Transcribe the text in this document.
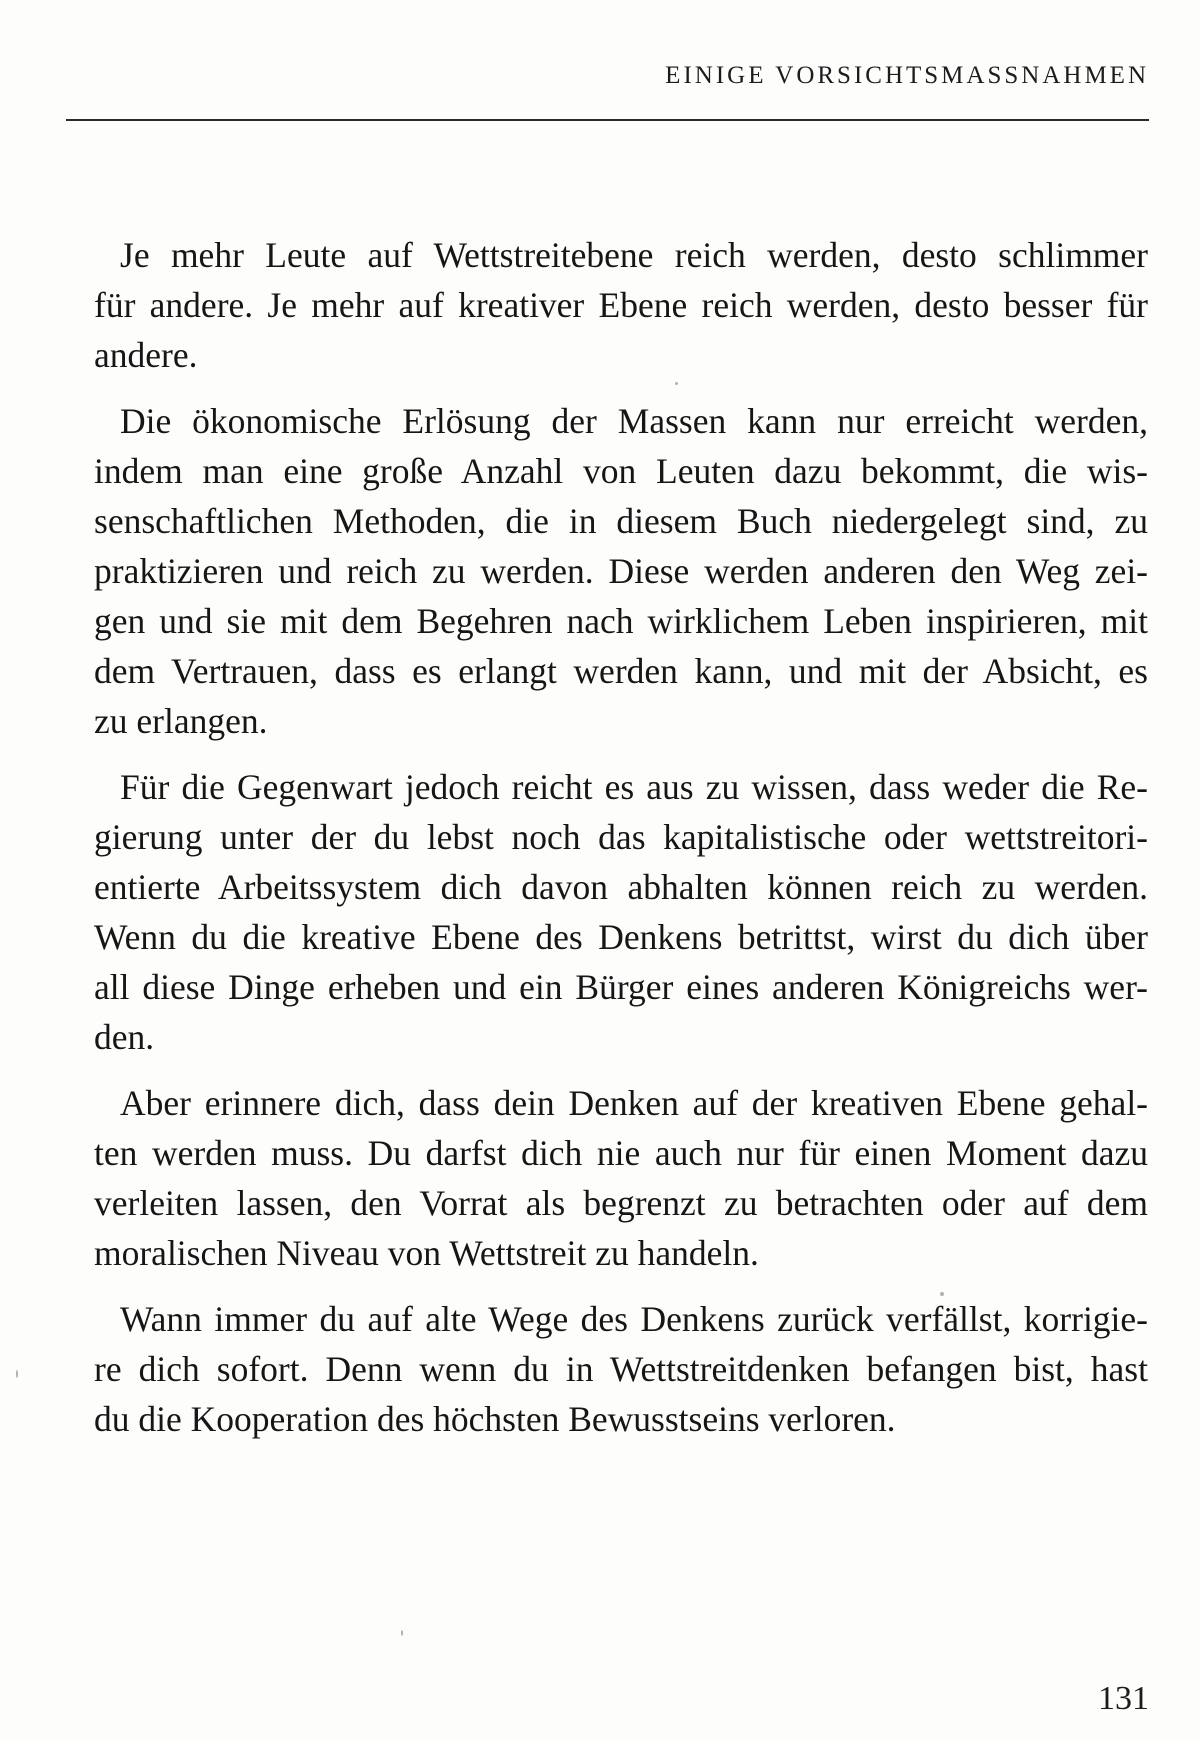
EINIGE VORSICHTSMASSNAHMEN
Je mehr Leute auf Wettstreitebene reich werden, desto schlimmer
für andere. Je mehr auf kreativer Ebene reich werden, desto besser für
andere.
Die ökonomische Erlösung der Massen kann nur erreicht werden,
indem man eine große Anzahl von Leuten dazu bekommt, die wis-
senschaftlichen Methoden, die in diesem Buch niedergelegt sind, zu
praktizieren und reich zu werden. Diese werden anderen den Weg zei-
gen und sie mit dem Begehren nach wirklichem Leben inspirieren, mit
dem Vertrauen, dass es erlangt werden kann, und mit der Absicht, es
zu erlangen.
Für die Gegenwart jedoch reicht es aus zu wissen, dass weder die Re-
gierung unter der du lebst noch das kapitalistische oder wettstreitori-
entierte Arbeitssystem dich davon abhalten können reich zu werden.
Wenn du die kreative Ebene des Denkens betrittst, wirst du dich über
all diese Dinge erheben und ein Bürger eines anderen Königreichs wer-
den.
Aber erinnere dich, dass dein Denken auf der kreativen Ebene gehal-
ten werden muss. Du darfst dich nie auch nur für einen Moment dazu
verleiten lassen, den Vorrat als begrenzt zu betrachten oder auf dem
moralischen Niveau von Wettstreit zu handeln.
Wann immer du auf alte Wege des Denkens zurück verfällst, korrigie-
re dich sofort. Denn wenn du in Wettstreitdenken befangen bist, hast
du die Kooperation des höchsten Bewusstseins verloren.
131
